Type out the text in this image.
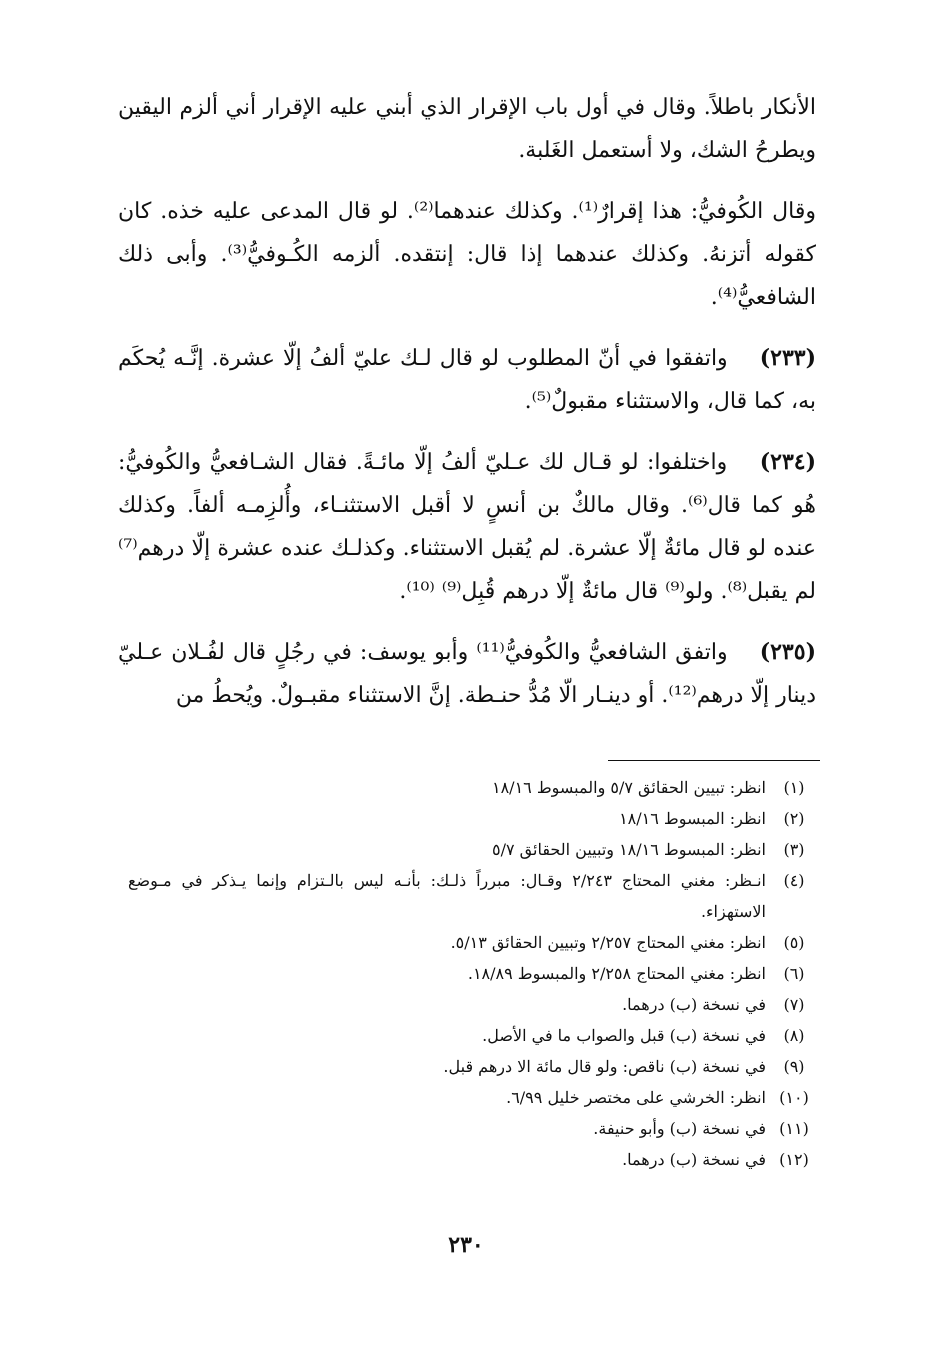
الأنكار باطلاً. وقال في أول باب الإقرار الذي أبني عليه الإقرار أني ألزم اليقين ويطرحُ الشك، ولا أستعمل الغَلبة.

وقال الكُوفيُّ: هذا إقرارٌ⁽¹⁾. وكذلك عندهما⁽²⁾. لو قال المدعى عليه خذه. كان كقوله أتزنهُ. وكذلك عندهما إذا قال: إنتقده. ألزمه الكُـوفيُّ⁽³⁾. وأبى ذلك الشافعيُّ⁽⁴⁾.

(٢٣٣) واتفقوا في أنّ المطلوب لو قال لـك عليّ ألفُ إلّا عشرة. إنَّـه يُحكَم به، كما قال، والاستثناء مقبولٌ⁽⁵⁾.

(٢٣٤) واختلفوا: لو قـال لك عـليّ ألفُ إلّا مائـةً. فقال الشـافعيُّ والكُوفيُّ: هُو كما قال⁽⁶⁾. وقال مالكٌ بن أنسٍ لا أقبل الاستثنـاء، وأُلزِمـه ألفاً. وكذلك عنده لو قال مائةٌ إلّا عشرة. لم يُقبل الاستثناء. وكذلـك عنده عشرة إلّا درهم⁽⁷⁾ لم يقبل⁽⁸⁾. ولو⁽⁹⁾ قال مائةٌ إلّا درهم قُبِل⁽⁹⁾ ⁽¹⁰⁾.

(٢٣٥) واتفق الشافعيُّ والكُوفيُّ⁽¹¹⁾ وأبو يوسف: في رجُلٍ قال لفُـلان عـليّ دينار إلّا درهم⁽¹²⁾. أو دينـار الّا مُدُّ حنـطة. إنَّ الاستثناء مقبـولٌ. ويُحطُ من

(١)
انظر: تبيين الحقائق ٥/٧ والمبسوط ١٨/١٦
(٢)
انظر: المبسوط ١٨/١٦
(٣)
انظر: المبسوط ١٨/١٦ وتبيين الحقائق ٥/٧
(٤)
انـظر: مغني المحتاج ٢/٢٤٣ وقـال: مبرراً ذلـك: بأنـه ليس بالـتزام وإنما يـذكر في مـوضع الاستهزاء.
(٥)
انظر: مغني المحتاج ٢/٢٥٧ وتبيين الحقائق ٥/١٣.
(٦)
انظر: مغني المحتاج ٢/٢٥٨ والمبسوط ١٨/٨٩.
(٧)
في نسخة (ب) درهما.
(٨)
في نسخة (ب) قبل والصواب ما في الأصل.
(٩)
في نسخة (ب) ناقص: ولو قال مائة الا درهم قبل.
(١٠)
انظر: الخرشي على مختصر خليل ٦/٩٩.
(١١)
في نسخة (ب) وأبو حنيفة.
(١٢)
في نسخة (ب) درهما.
٢٣٠
